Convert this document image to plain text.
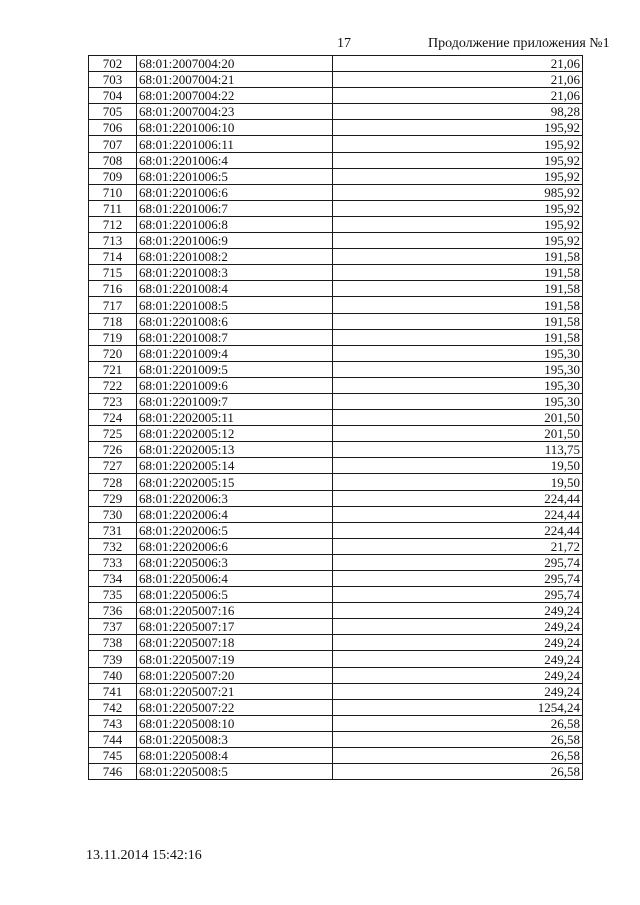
17	Продолжение приложения №1
702	68:01:2007004:20	21,06
703	68:01:2007004:21	21,06
704	68:01:2007004:22	21,06
705	68:01:2007004:23	98,28
706	68:01:2201006:10	195,92
707	68:01:2201006:11	195,92
708	68:01:2201006:4	195,92
709	68:01:2201006:5	195,92
710	68:01:2201006:6	985,92
711	68:01:2201006:7	195,92
712	68:01:2201006:8	195,92
713	68:01:2201006:9	195,92
714	68:01:2201008:2	191,58
715	68:01:2201008:3	191,58
716	68:01:2201008:4	191,58
717	68:01:2201008:5	191,58
718	68:01:2201008:6	191,58
719	68:01:2201008:7	191,58
720	68:01:2201009:4	195,30
721	68:01:2201009:5	195,30
722	68:01:2201009:6	195,30
723	68:01:2201009:7	195,30
724	68:01:2202005:11	201,50
725	68:01:2202005:12	201,50
726	68:01:2202005:13	113,75
727	68:01:2202005:14	19,50
728	68:01:2202005:15	19,50
729	68:01:2202006:3	224,44
730	68:01:2202006:4	224,44
731	68:01:2202006:5	224,44
732	68:01:2202006:6	21,72
733	68:01:2205006:3	295,74
734	68:01:2205006:4	295,74
735	68:01:2205006:5	295,74
736	68:01:2205007:16	249,24
737	68:01:2205007:17	249,24
738	68:01:2205007:18	249,24
739	68:01:2205007:19	249,24
740	68:01:2205007:20	249,24
741	68:01:2205007:21	249,24
742	68:01:2205007:22	1254,24
743	68:01:2205008:10	26,58
744	68:01:2205008:3	26,58
745	68:01:2205008:4	26,58
746	68:01:2205008:5	26,58
13.11.2014 15:42:16
